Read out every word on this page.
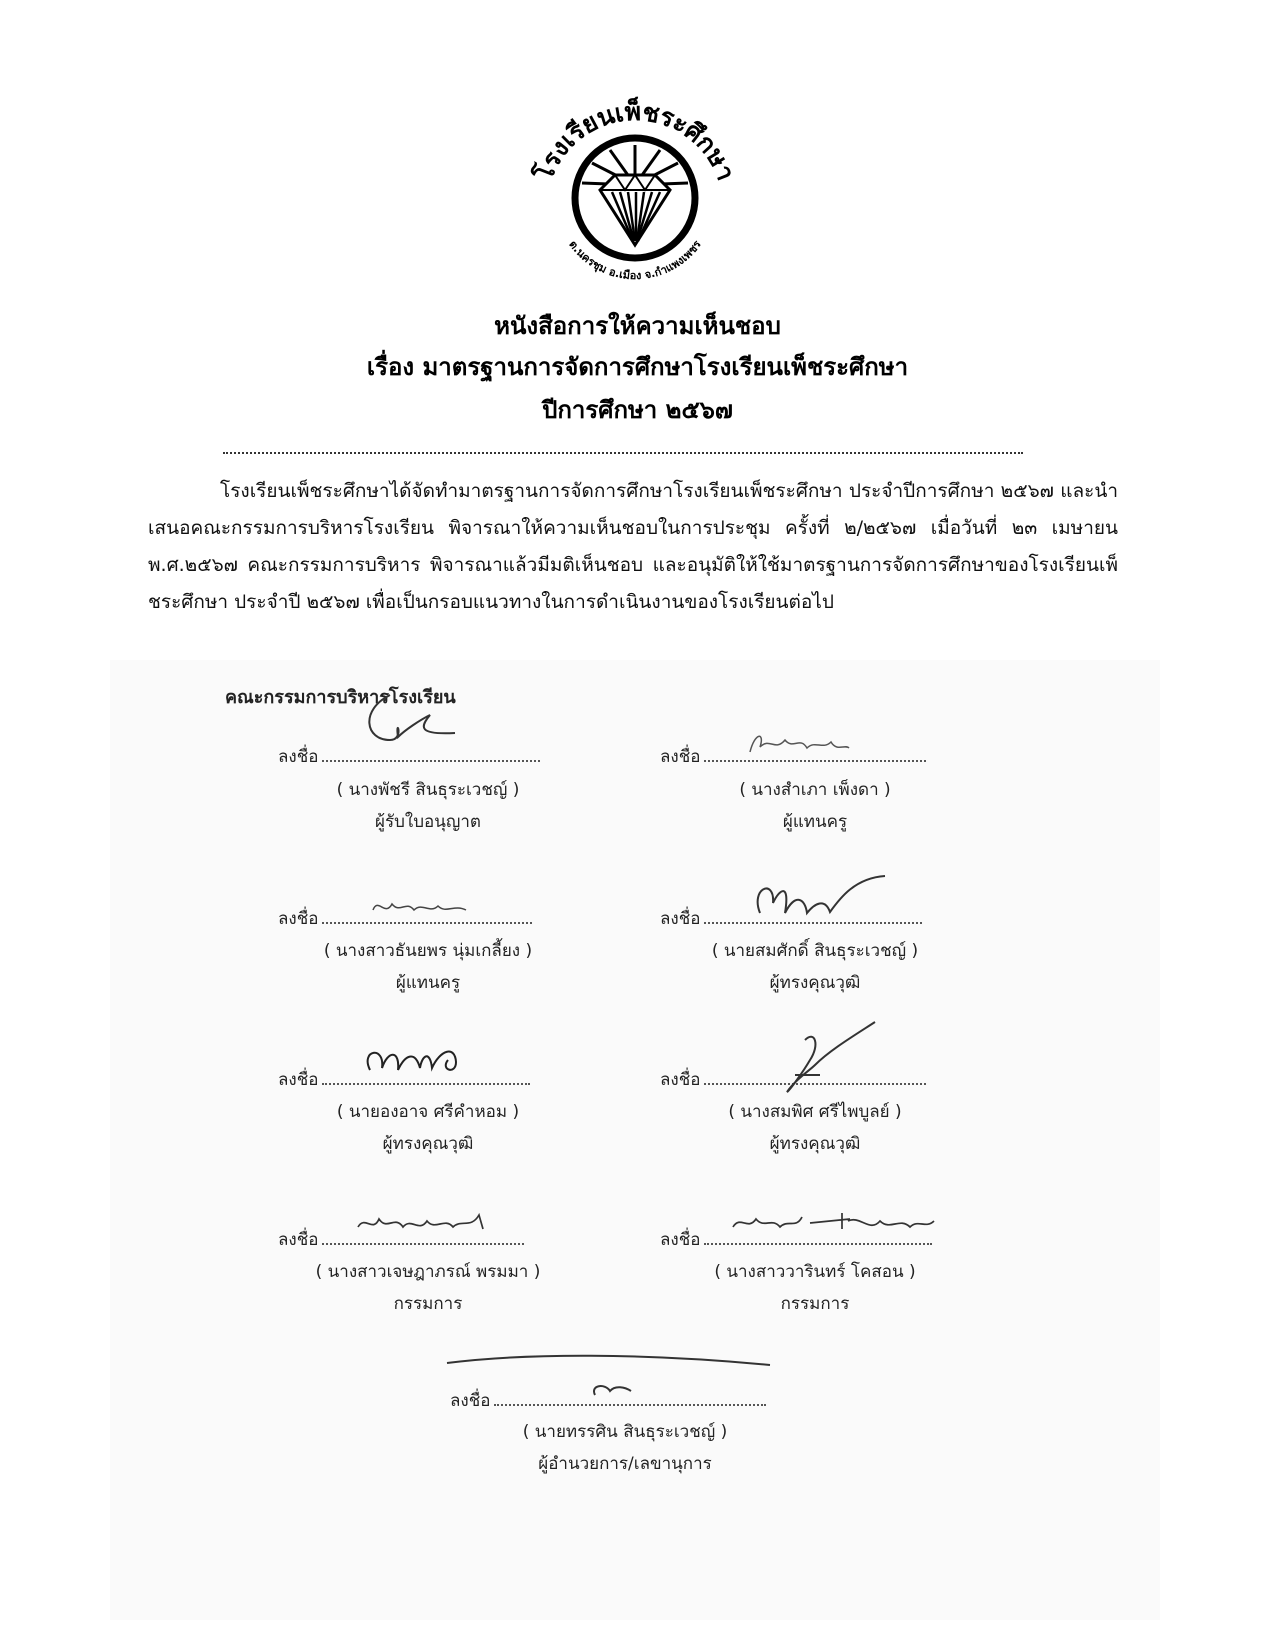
โรงเรียนเพ็ชระศึกษา
ต.นครชุม อ.เมือง จ.กำแพงเพชร
หนังสือการให้ความเห็นชอบ
เรื่อง มาตรฐานการจัดการศึกษาโรงเรียนเพ็ชระศึกษา
ปีการศึกษา ๒๕๖๗

โรงเรียนเพ็ชระศึกษาได้จัดทำมาตรฐานการจัดการศึกษาโรงเรียนเพ็ชระศึกษา ประจำปีการศึกษา ๒๕๖๗ และนำเสนอคณะกรรมการบริหารโรงเรียน พิจารณาให้ความเห็นชอบในการประชุม ครั้งที่ ๒/๒๕๖๗ เมื่อวันที่ ๒๓ เมษายน พ.ศ.๒๕๖๗ คณะกรรมการบริหาร พิจารณาแล้วมีมติเห็นชอบ และอนุมัติให้ใช้มาตรฐานการจัดการศึกษาของโรงเรียนเพ็ชระศึกษา ประจำปี ๒๕๖๗ เพื่อเป็นกรอบแนวทางในการดำเนินงานของโรงเรียนต่อไป

คณะกรรมการบริหารโรงเรียน
ลงชื่อ
( นางพัชรี สินธุระเวชญ์ )
ผู้รับใบอนุญาต
ลงชื่อ
( นางสำเภา เพ็งดา )
ผู้แทนครู
ลงชื่อ
( นางสาวธันยพร นุ่มเกลี้ยง )
ผู้แทนครู
ลงชื่อ
( นายสมศักดิ์ สินธุระเวชญ์ )
ผู้ทรงคุณวุฒิ
ลงชื่อ
( นายองอาจ ศรีคำหอม )
ผู้ทรงคุณวุฒิ
ลงชื่อ
( นางสมพิศ ศรีไพบูลย์ )
ผู้ทรงคุณวุฒิ
ลงชื่อ
( นางสาวเจษฎาภรณ์ พรมมา )
กรรมการ
ลงชื่อ
( นางสาววารินทร์ โคสอน )
กรรมการ
ลงชื่อ
( นายทรรศิน สินธุระเวชญ์ )
ผู้อำนวยการ/เลขานุการ
